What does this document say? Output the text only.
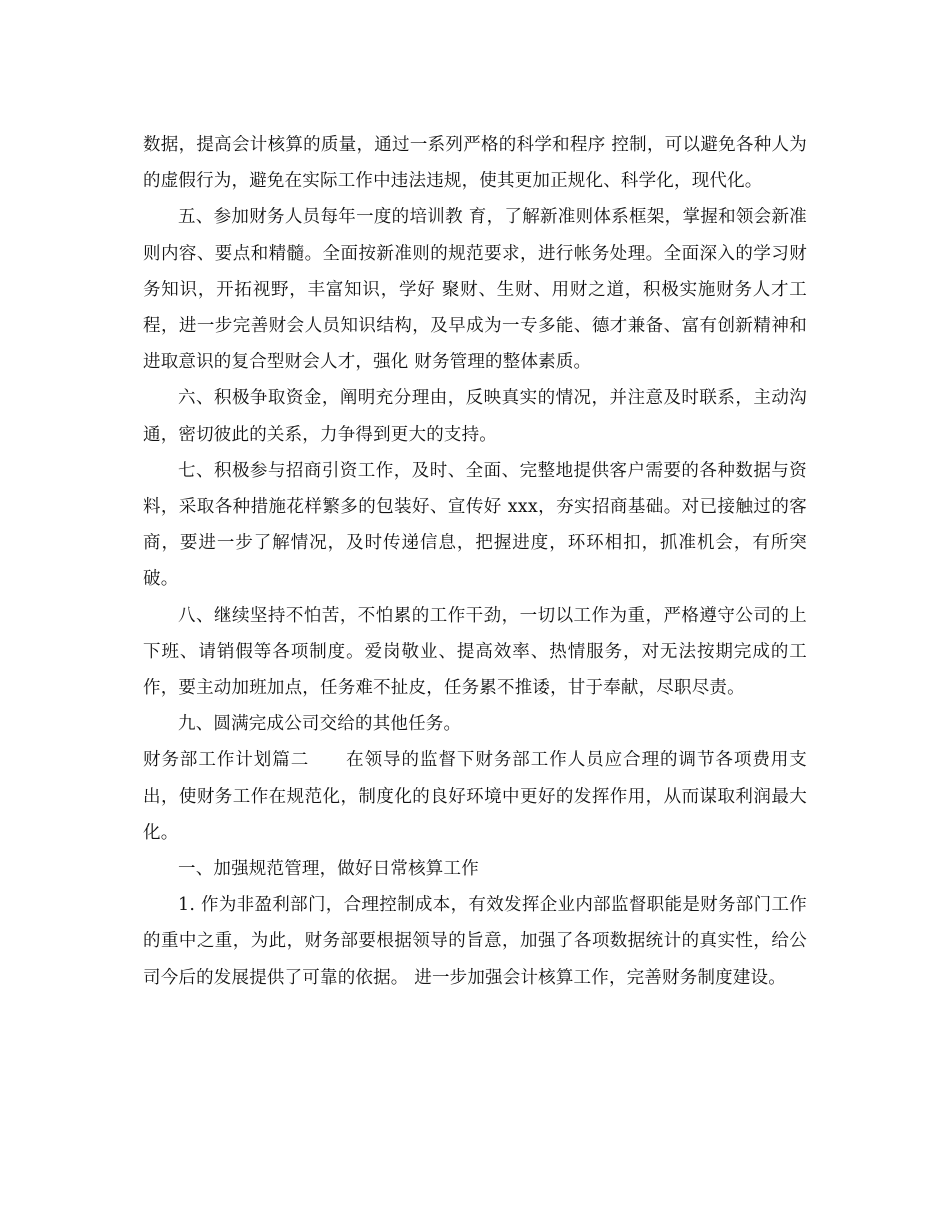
数据，提高会计核算的质量，通过一系列严格的科学和程序 控制，可以避免各种人为的虚假行为，避免在实际工作中违法违规，使其更加正规化、科学化，现代化。

五、参加财务人员每年一度的培训教 育，了解新准则体系框架，掌握和领会新准则内容、要点和精髓。全面按新准则的规范要求，进行帐务处理。全面深入的学习财务知识，开拓视野，丰富知识，学好 聚财、生财、用财之道，积极实施财务人才工程，进一步完善财会人员知识结构，及早成为一专多能、德才兼备、富有创新精神和进取意识的复合型财会人才，强化 财务管理的整体素质。

六、积极争取资金，阐明充分理由，反映真实的情况，并注意及时联系，主动沟通，密切彼此的关系，力争得到更大的支持。

七、积极参与招商引资工作，及时、全面、完整地提供客户需要的各种数据与资料，采取各种措施花样繁多的包装好、宣传好 xxx，夯实招商基础。对已接触过的客商，要进一步了解情况，及时传递信息，把握进度，环环相扣，抓准机会，有所突破。

八、继续坚持不怕苦，不怕累的工作干劲，一切以工作为重，严格遵守公司的上下班、请销假等各项制度。爱岗敬业、提高效率、热情服务，对无法按期完成的工作，要主动加班加点，任务难不扯皮，任务累不推诿，甘于奉献，尽职尽责。

九、圆满完成公司交给的其他任务。

财务部工作计划篇二　　在领导的监督下财务部工作人员应合理的调节各项费用支出，使财务工作在规范化，制度化的良好环境中更好的发挥作用，从而谋取利润最大化。

一、加强规范管理，做好日常核算工作

1. 作为非盈利部门，合理控制成本，有效发挥企业内部监督职能是财务部门工作的重中之重，为此，财务部要根据领导的旨意，加强了各项数据统计的真实性，给公司今后的发展提供了可靠的依据。 进一步加强会计核算工作，完善财务制度建设。
